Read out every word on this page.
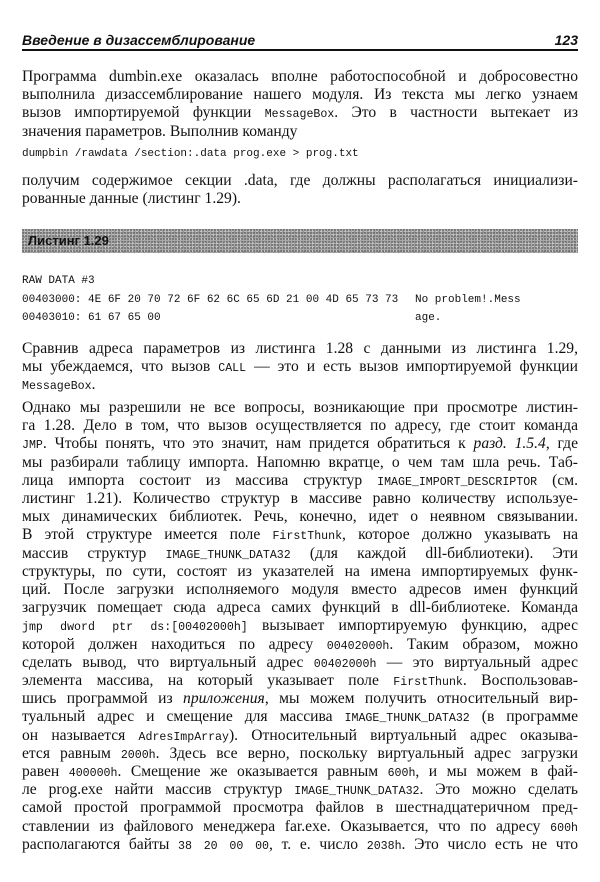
Введение в дизассемблирование	123
Программа dumbin.exe оказалась вполне работоспособной и добросовестно
выполнила дизассемблирование нашего модуля. Из текста мы легко узнаем
вызов импортируемой функции MessageBox. Это в частности вытекает из
значения параметров. Выполнив команду
dumpbin /rawdata /section:.data prog.exe > prog.txt
получим содержимое секции .data, где должны располагаться инициализи-
рованные данные (листинг 1.29).
Листинг 1.29
RAW DATA #3
00403000: 4E 6F 20 70 72 6F 62 6C 65 6D 21 00 4D 65 73 73 No problem!.Mess
00403010: 61 67 65 00	age.
Сравнив адреса параметров из листинга 1.28 с данными из листинга 1.29,
мы убеждаемся, что вызов CALL — это и есть вызов импортируемой функции
MessageBox.
Однако мы разрешили не все вопросы, возникающие при просмотре листин-
га 1.28. Дело в том, что вызов осуществляется по адресу, где стоит команда
JMP. Чтобы понять, что это значит, нам придется обратиться к разд. 1.5.4, где
мы разбирали таблицу импорта. Напомню вкратце, о чем там шла речь. Таб-
лица импорта состоит из массива структур IMAGE_IMPORT_DESCRIPTOR (см.
листинг 1.21). Количество структур в массиве равно количеству используе-
мых динамических библиотек. Речь, конечно, идет о неявном связывании.
В этой структуре имеется поле FirstThunk, которое должно указывать на
массив структур IMAGE_THUNK_DATA32 (для каждой dll-библиотеки). Эти
структуры, по сути, состоят из указателей на имена импортируемых функ-
ций. После загрузки исполняемого модуля вместо адресов имен функций
загрузчик помещает сюда адреса самих функций в dll-библиотеке. Команда
jmp dword ptr ds:[00402000h] вызывает импортируемую функцию, адрес
которой должен находиться по адресу 00402000h. Таким образом, можно
сделать вывод, что виртуальный адрес 00402000h — это виртуальный адрес
элемента массива, на который указывает поле FirstThunk. Воспользовав-
шись программой из приложения, мы можем получить относительный вир-
туальный адрес и смещение для массива IMAGE_THUNK_DATA32 (в программе
он называется AdresImpArray). Относительный виртуальный адрес оказыва-
ется равным 2000h. Здесь все верно, поскольку виртуальный адрес загрузки
равен 400000h. Смещение же оказывается равным 600h, и мы можем в фай-
ле prog.exe найти массив структур IMAGE_THUNK_DATA32. Это можно сделать
самой простой программой просмотра файлов в шестнадцатеричном пред-
ставлении из файлового менеджера far.exe. Оказывается, что по адресу 600h
располагаются байты 38 20 00 00, т. е. число 2038h. Это число есть не что
